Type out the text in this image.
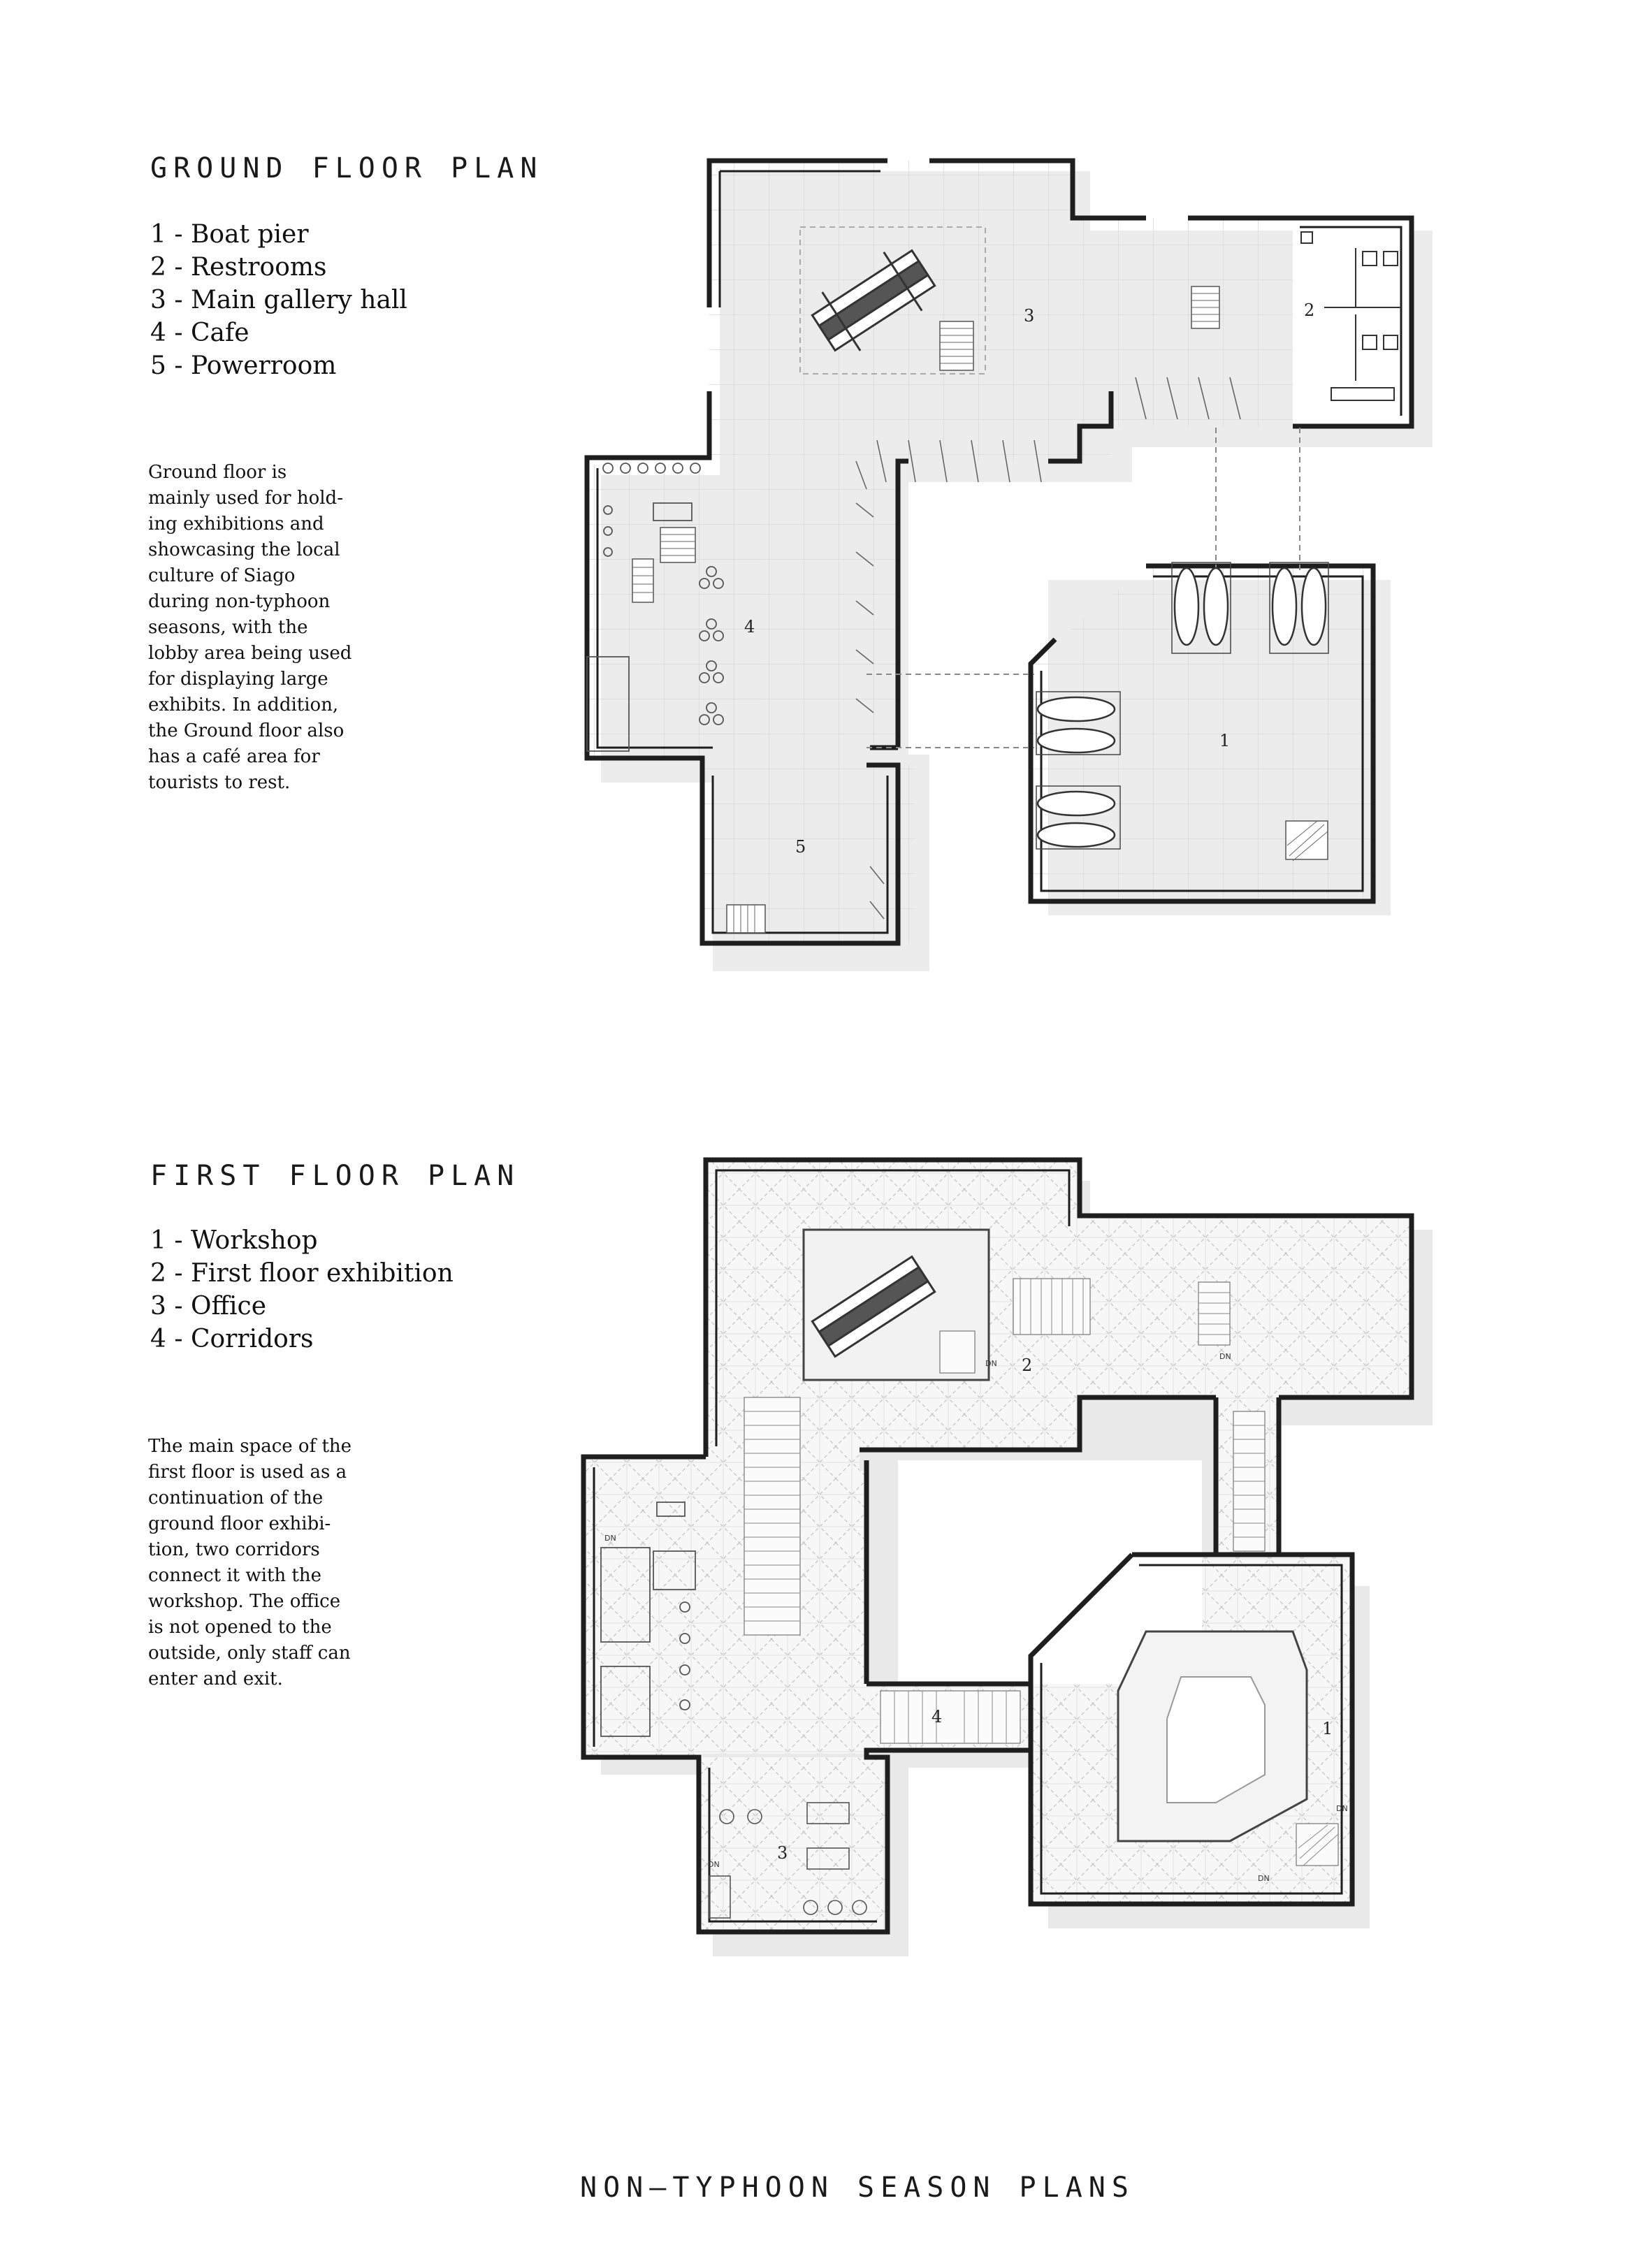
GROUND FLOOR PLAN
1 - Boat pier
2 - Restrooms
3 - Main gallery hall
4 - Cafe
5 - Powerroom

Ground floor is
mainly used for hold-
ing exhibitions and
showcasing the local
culture of Siago
during non-typhoon
seasons, with the
lobby area being used
for displaying large
exhibits. In addition,
the Ground floor also
has a café area for
tourists to rest.

FIRST FLOOR PLAN
1 - Workshop
2 - First floor exhibition
3 - Office
4 - Corridors

The main space of the
first floor is used as a
continuation of the
ground floor exhibi-
tion, two corridors
connect it with the
workshop. The office
is not opened to the
outside, only staff can
enter and exit.

NON–TYPHOON SEASON PLANS
1
2
3
4
5
1
2
3
4
DN
DN
DN
DN
DN
DN
